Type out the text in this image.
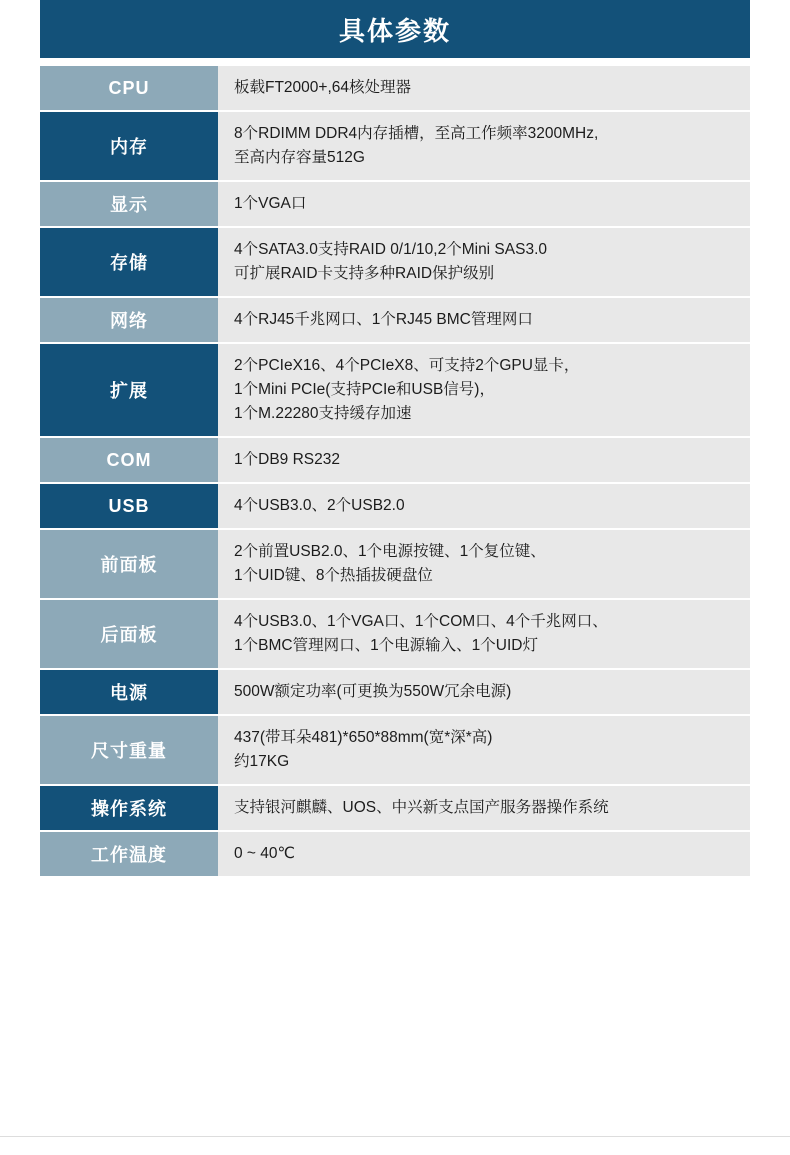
具体参数
CPU	板载FT2000+,64核处理器

内存	8个RDIMM DDR4内存插槽，至高工作频率3200MHz,
至高内存容量512G

显示	1个VGA口

存储	4个SATA3.0支持RAID 0/1/10,2个Mini SAS3.0
可扩展RAID卡支持多种RAID保护级别

网络	4个RJ45千兆网口、1个RJ45 BMC管理网口

扩展	2个PCIeX16、4个PCIeX8、可支持2个GPU显卡，
1个Mini PCIe(支持PCIe和USB信号)，
1个M.22280支持缓存加速

COM	1个DB9 RS232

USB	4个USB3.0、2个USB2.0

前面板	2个前置USB2.0、1个电源按键、1个复位键、
1个UID键、8个热插拔硬盘位

后面板	4个USB3.0、1个VGA口、1个COM口、4个千兆网口、
1个BMC管理网口、1个电源输入、1个UID灯

电源	500W额定功率(可更换为550W冗余电源)

尺寸重量	437(带耳朵481)*650*88mm(宽*深*高)
约17KG

操作系统	支持银河麒麟、UOS、中兴新支点国产服务器操作系统

工作温度	0 ~ 40℃
